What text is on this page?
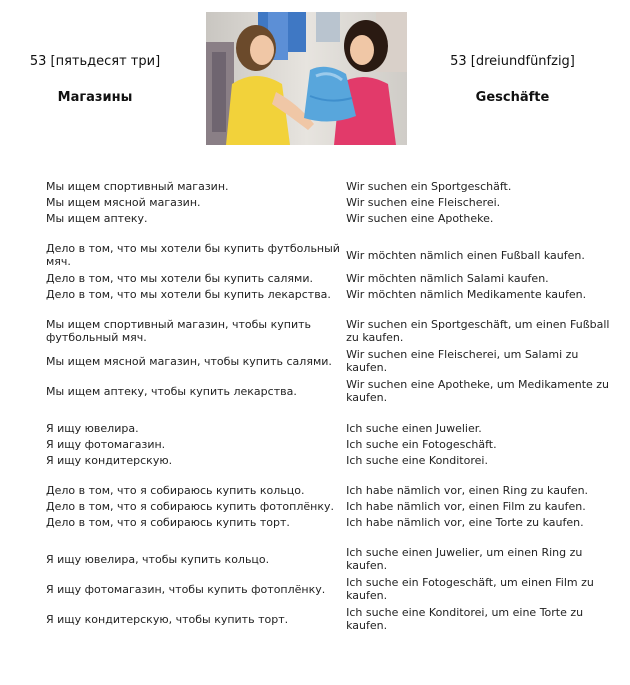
53 [пятьдесят три]	53 [dreiundfünfzig]
Магазины	Geschäfte
Мы ищем спортивный магазин.	Wir suchen ein Sportgeschäft.
Мы ищем мясной магазин.	Wir suchen eine Fleischerei.
Мы ищем аптеку.	Wir suchen eine Apotheke.

Дело в том, что мы хотели бы купить футбольный мяч.	Wir möchten nämlich einen Fußball kaufen.
Дело в том, что мы хотели бы купить салями.	Wir möchten nämlich Salami kaufen.
Дело в том, что мы хотели бы купить лекарства.	Wir möchten nämlich Medikamente kaufen.

Мы ищем спортивный магазин, чтобы купить футбольный мяч.	Wir suchen ein Sportgeschäft, um einen Fußball zu kaufen.
Мы ищем мясной магазин, чтобы купить салями.	Wir suchen eine Fleischerei, um Salami zu kaufen.
Мы ищем аптеку, чтобы купить лекарства.	Wir suchen eine Apotheke, um Medikamente zu kaufen.

Я ищу ювелира.	Ich suche einen Juwelier.
Я ищу фотомагазин.	Ich suche ein Fotogeschäft.
Я ищу кондитерскую.	Ich suche eine Konditorei.

Дело в том, что я собираюсь купить кольцо.	Ich habe nämlich vor, einen Ring zu kaufen.
Дело в том, что я собираюсь купить фотоплёнку.	Ich habe nämlich vor, einen Film zu kaufen.
Дело в том, что я собираюсь купить торт.	Ich habe nämlich vor, eine Torte zu kaufen.

Я ищу ювелира, чтобы купить кольцо.	Ich suche einen Juwelier, um einen Ring zu kaufen.
Я ищу фотомагазин, чтобы купить фотоплёнку.	Ich suche ein Fotogeschäft, um einen Film zu kaufen.
Я ищу кондитерскую, чтобы купить торт.	Ich suche eine Konditorei, um eine Torte zu kaufen.
